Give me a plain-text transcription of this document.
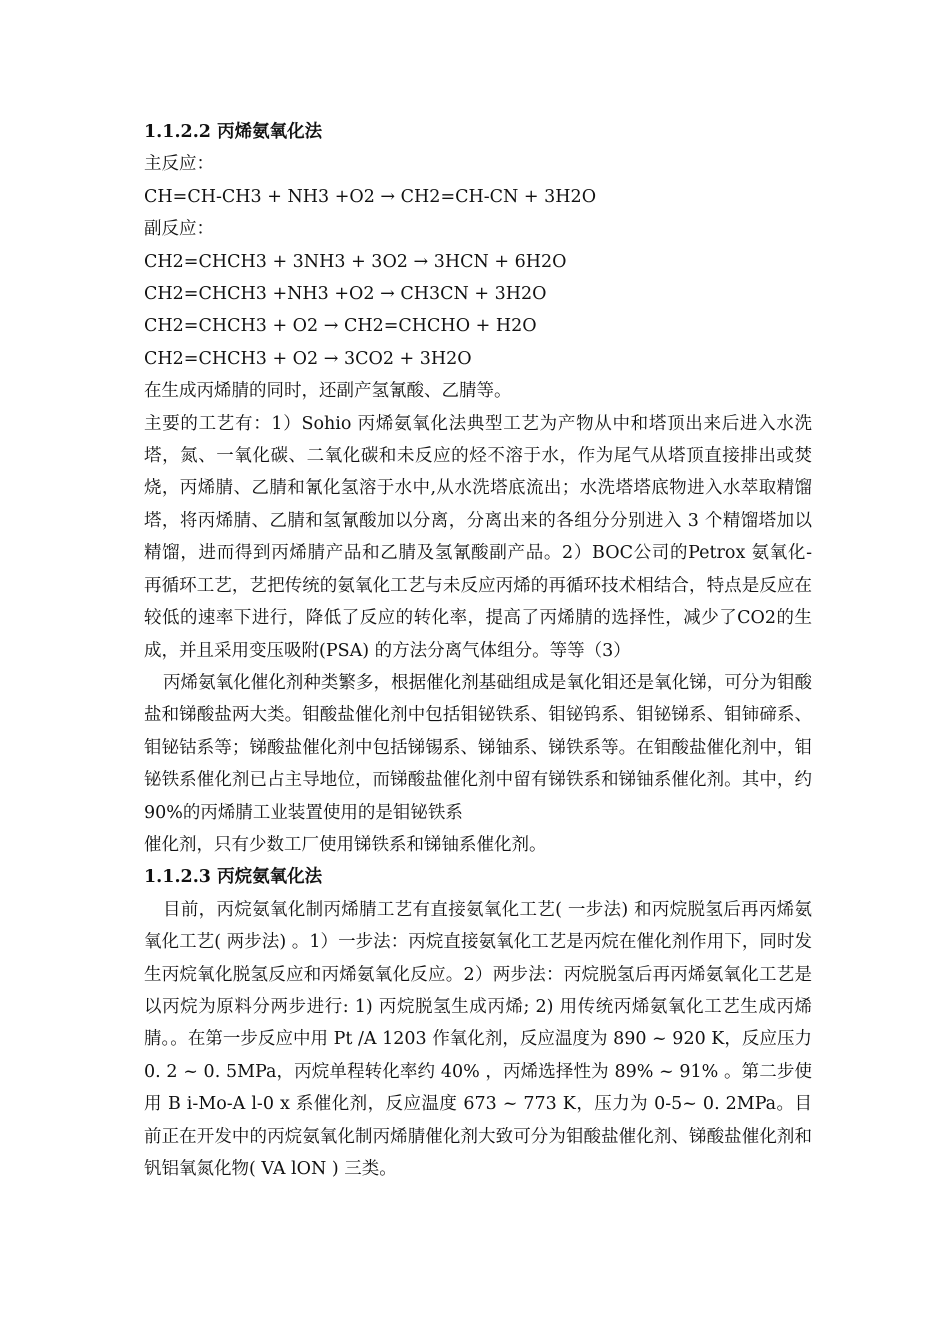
1.1.2.2 丙烯氨氧化法
主反应：
CH=CH-CH3 + NH3 +O2 → CH2=CH-CN + 3H2O
副反应：
CH2=CHCH3 + 3NH3 + 3O2 → 3HCN + 6H2O
CH2=CHCH3 +NH3 +O2 → CH3CN + 3H2O
CH2=CHCH3 + O2 → CH2=CHCHO + H2O
CH2=CHCH3 + O2 → 3CO2 + 3H2O
在生成丙烯腈的同时，还副产氢氰酸、乙腈等。

主要的工艺有：1）Sohio 丙烯氨氧化法典型工艺为产物从中和塔顶出来后进入水洗塔，氮、一氧化碳、二氧化碳和未反应的烃不溶于水，作为尾气从塔顶直接排出或焚烧，丙烯腈、乙腈和氰化氢溶于水中,从水洗塔底流出；水洗塔塔底物进入水萃取精馏塔，将丙烯腈、乙腈和氢氰酸加以分离，分离出来的各组分分别进入 3 个精馏塔加以精馏，进而得到丙烯腈产品和乙腈及氢氰酸副产品。2）BOC公司的Petrox 氨氧化- 再循环工艺，艺把传统的氨氧化工艺与未反应丙烯的再循环技术相结合，特点是反应在较低的速率下进行，降低了反应的转化率，提高了丙烯腈的选择性，减少了CO2的生成，并且采用变压吸附(PSA) 的方法分离气体组分。等等（3）

丙烯氨氧化催化剂种类繁多，根据催化剂基础组成是氧化钼还是氧化锑，可分为钼酸盐和锑酸盐两大类。钼酸盐催化剂中包括钼铋铁系、钼铋钨系、钼铋锑系、钼铈碲系、钼铋钴系等；锑酸盐催化剂中包括锑锡系、锑铀系、锑铁系等。在钼酸盐催化剂中，钼铋铁系催化剂已占主导地位，而锑酸盐催化剂中留有锑铁系和锑铀系催化剂。其中，约 90%的丙烯腈工业装置使用的是钼铋铁系

催化剂，只有少数工厂使用锑铁系和锑铀系催化剂。
1.1.2.3 丙烷氨氧化法

目前，丙烷氨氧化制丙烯腈工艺有直接氨氧化工艺( 一步法) 和丙烷脱氢后再丙烯氨氧化工艺( 两步法) 。1）一步法：丙烷直接氨氧化工艺是丙烷在催化剂作用下，同时发生丙烷氧化脱氢反应和丙烯氨氧化反应。2）两步法：丙烷脱氢后再丙烯氨氧化工艺是以丙烷为原料分两步进行: 1) 丙烷脱氢生成丙烯; 2) 用传统丙烯氨氧化工艺生成丙烯腈。。在第一步反应中用 Pt /A 1203 作氧化剂，反应温度为 890 ~ 920 K，反应压力 0. 2 ~ 0. 5MPa，丙烷单程转化率约 40% ，丙烯选择性为 89% ~ 91% 。第二步使用 B i-Mo-A l-0 x 系催化剂，反应温度 673 ~ 773 K，压力为 0-5~ 0. 2MPa。目前正在开发中的丙烷氨氧化制丙烯腈催化剂大致可分为钼酸盐催化剂、锑酸盐催化剂和钒铝氧氮化物( VA lON ) 三类。
